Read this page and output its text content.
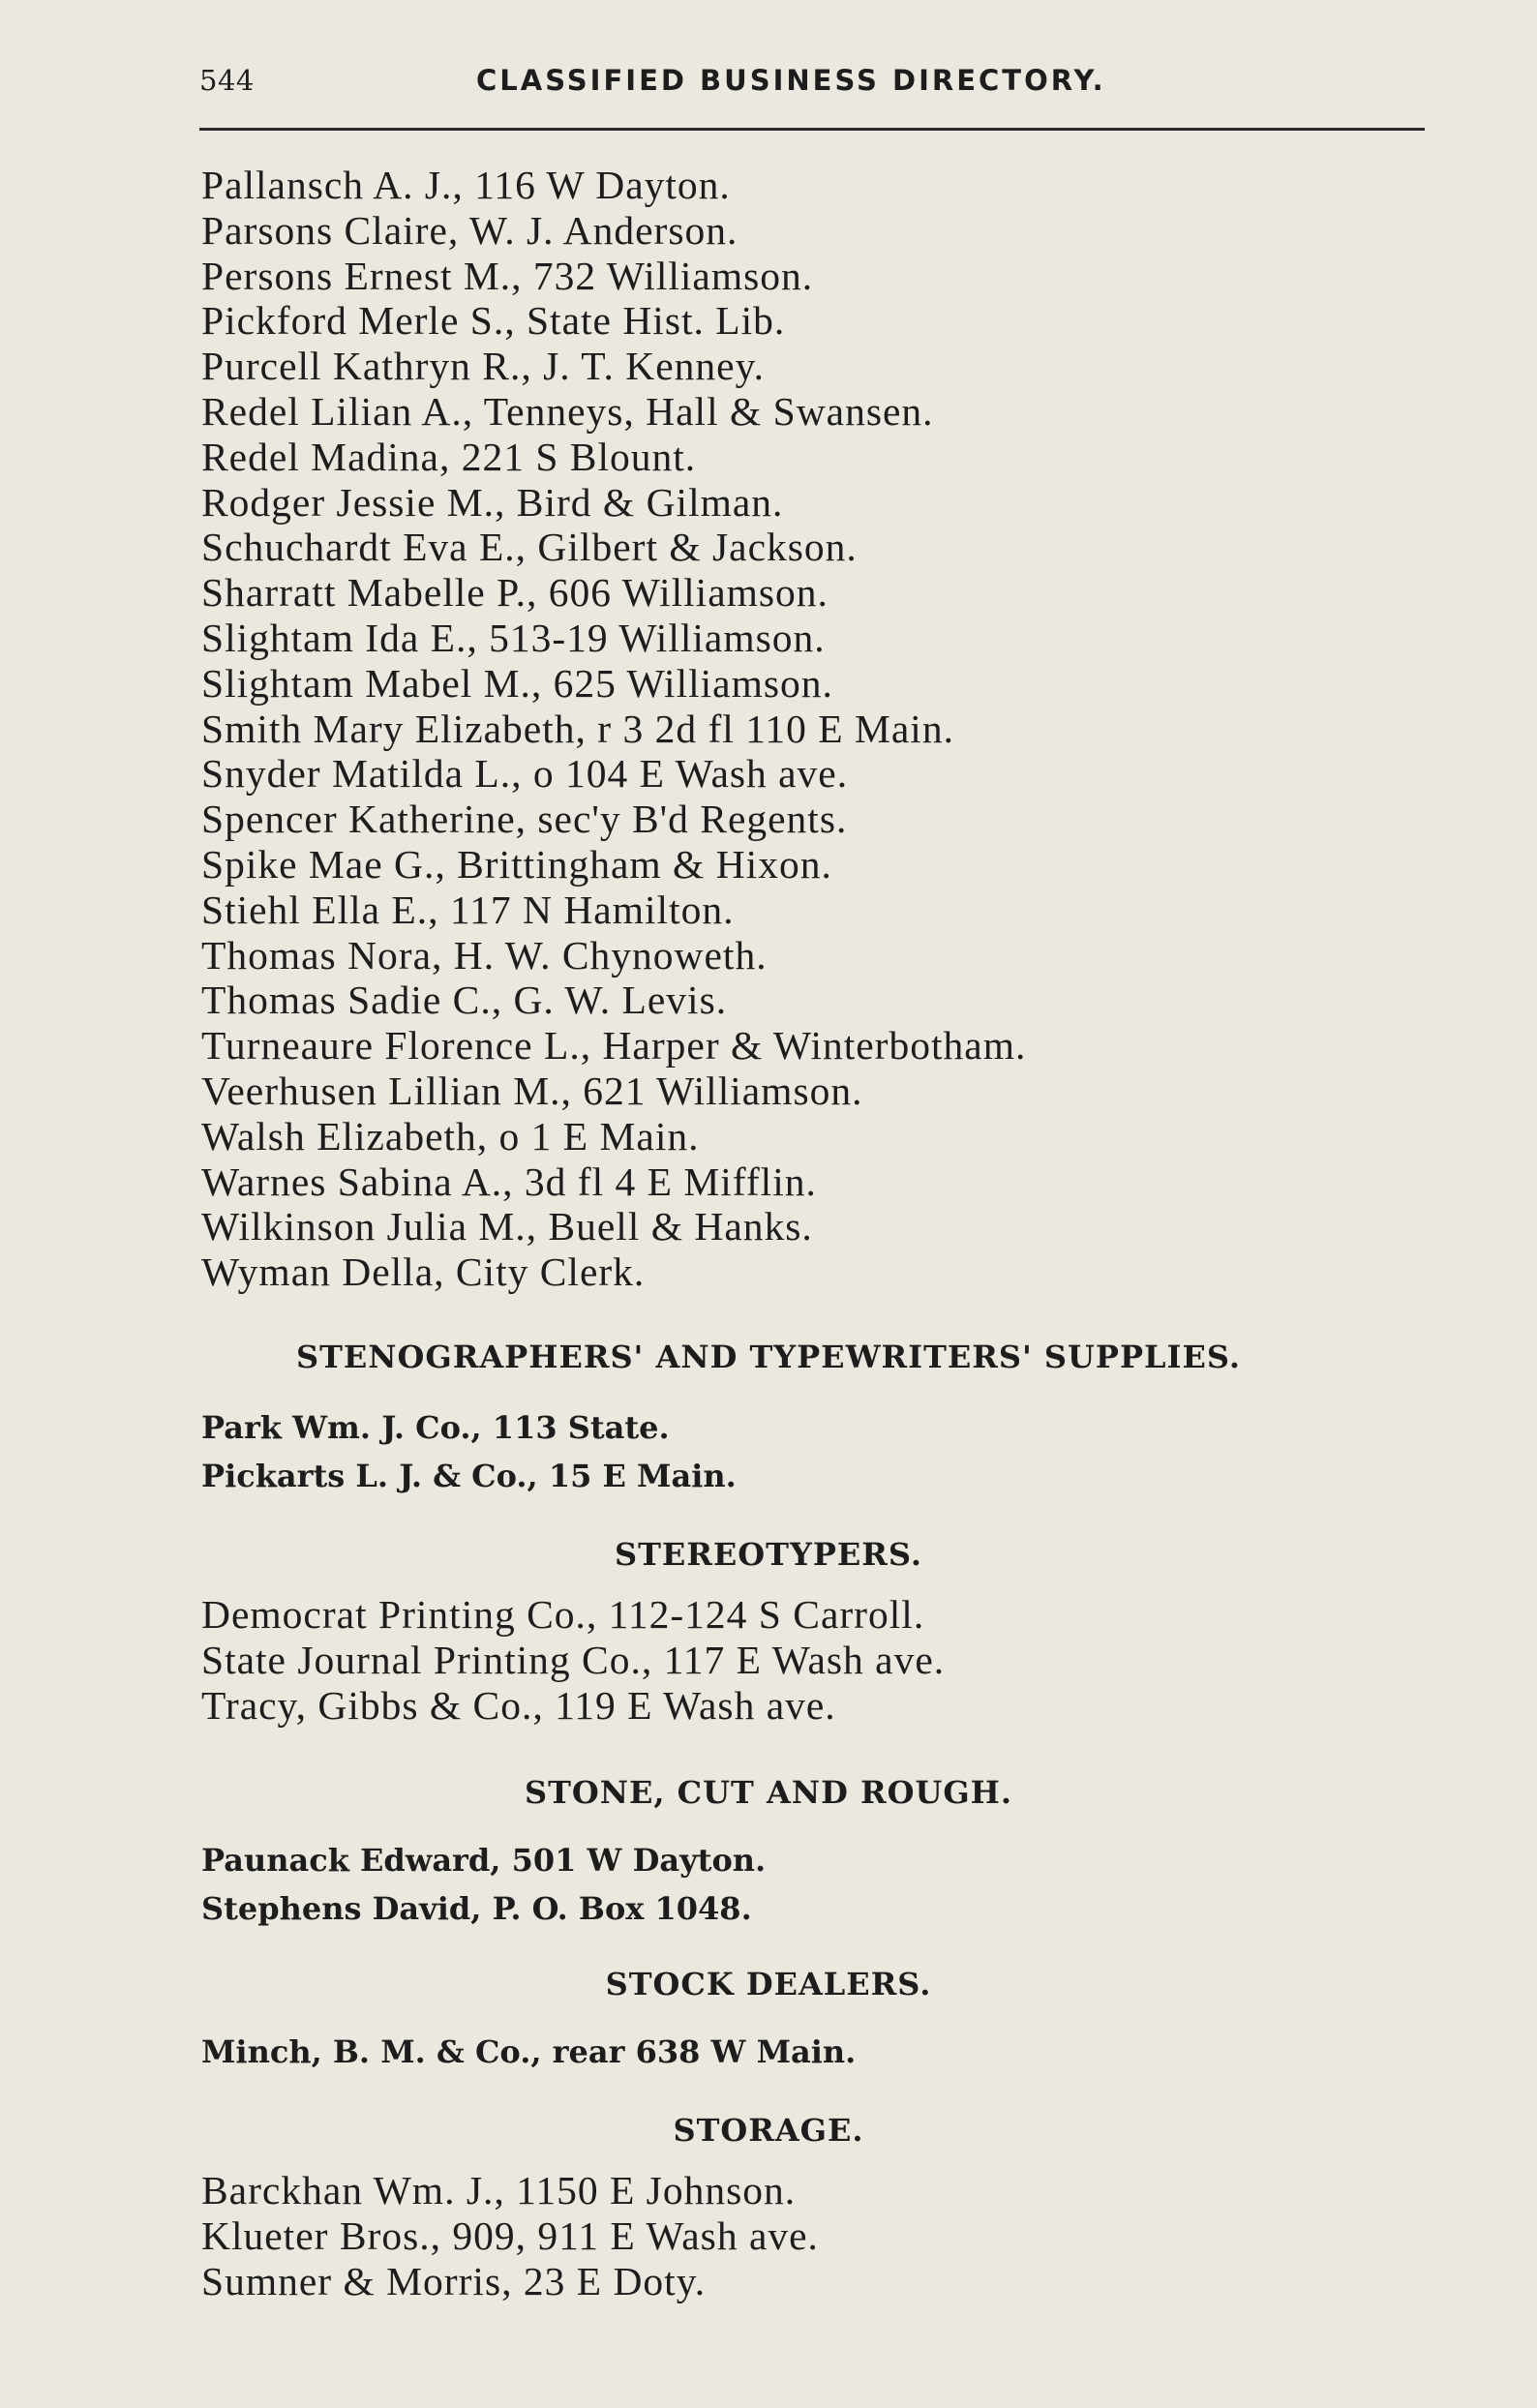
544	CLASSIFIED BUSINESS DIRECTORY.
Pallansch A. J., 116 W Dayton.
Parsons Claire, W. J. Anderson.
Persons Ernest M., 732 Williamson.
Pickford Merle S., State Hist. Lib.
Purcell Kathryn R., J. T. Kenney.
Redel Lilian A., Tenneys, Hall & Swansen.
Redel Madina, 221 S Blount.
Rodger Jessie M., Bird & Gilman.
Schuchardt Eva E., Gilbert & Jackson.
Sharratt Mabelle P., 606 Williamson.
Slightam Ida E., 513-19 Williamson.
Slightam Mabel M., 625 Williamson.
Smith Mary Elizabeth, r 3 2d fl 110 E Main.
Snyder Matilda L., o 104 E Wash ave.
Spencer Katherine, sec'y B'd Regents.
Spike Mae G., Brittingham & Hixon.
Stiehl Ella E., 117 N Hamilton.
Thomas Nora, H. W. Chynoweth.
Thomas Sadie C., G. W. Levis.
Turneaure Florence L., Harper & Winterbotham.
Veerhusen Lillian M., 621 Williamson.
Walsh Elizabeth, o 1 E Main.
Warnes Sabina A., 3d fl 4 E Mifflin.
Wilkinson Julia M., Buell & Hanks.
Wyman Della, City Clerk.
STENOGRAPHERS' AND TYPEWRITERS' SUPPLIES.
Park Wm. J. Co., 113 State.
Pickarts L. J. & Co., 15 E Main.
STEREOTYPERS.
Democrat Printing Co., 112-124 S Carroll.
State Journal Printing Co., 117 E Wash ave.
Tracy, Gibbs & Co., 119 E Wash ave.
STONE, CUT AND ROUGH.
Paunack Edward, 501 W Dayton.
Stephens David, P. O. Box 1048.
STOCK DEALERS.
Minch, B. M. & Co., rear 638 W Main.
STORAGE.
Barckhan Wm. J., 1150 E Johnson.
Klueter Bros., 909, 911 E Wash ave.
Sumner & Morris, 23 E Doty.
